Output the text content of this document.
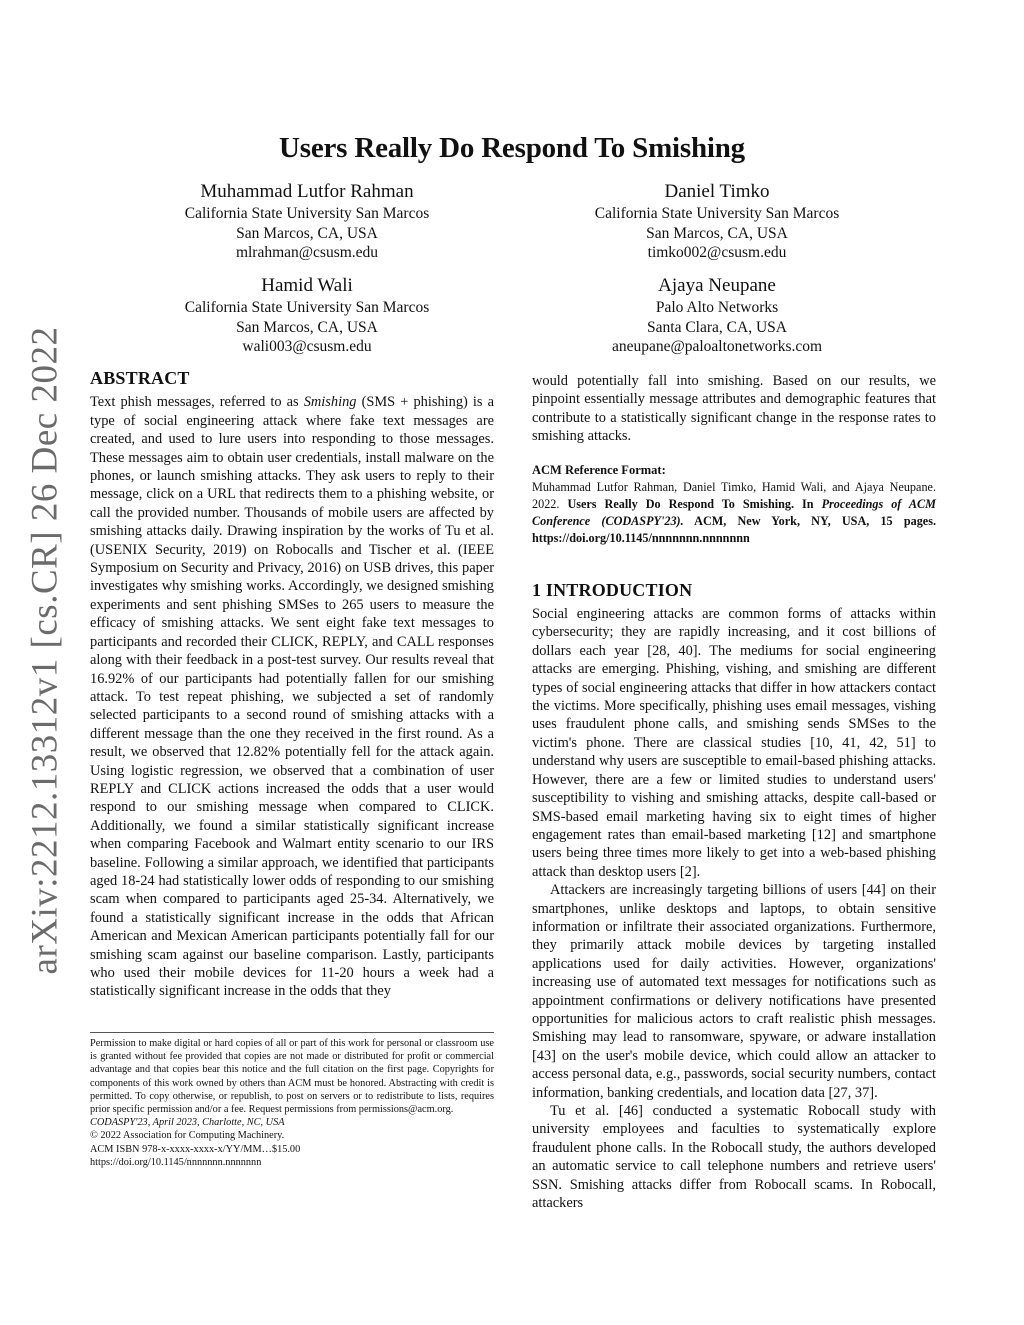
arXiv:2212.13312v1 [cs.CR] 26 Dec 2022
Users Really Do Respond To Smishing
Muhammad Lutfor Rahman
California State University San Marcos
San Marcos, CA, USA
mlrahman@csusm.edu
Daniel Timko
California State University San Marcos
San Marcos, CA, USA
timko002@csusm.edu
Hamid Wali
California State University San Marcos
San Marcos, CA, USA
wali003@csusm.edu
Ajaya Neupane
Palo Alto Networks
Santa Clara, CA, USA
aneupane@paloaltonetworks.com
ABSTRACT

Text phish messages, referred to as Smishing (SMS + phishing) is a type of social engineering attack where fake text messages are created, and used to lure users into responding to those messages. These messages aim to obtain user credentials, install malware on the phones, or launch smishing attacks. They ask users to reply to their message, click on a URL that redirects them to a phishing website, or call the provided number. Thousands of mobile users are affected by smishing attacks daily. Drawing inspiration by the works of Tu et al. (USENIX Security, 2019) on Robocalls and Tischer et al. (IEEE Symposium on Security and Privacy, 2016) on USB drives, this paper investigates why smishing works. Accordingly, we designed smishing experiments and sent phishing SMSes to 265 users to measure the efficacy of smishing attacks. We sent eight fake text messages to participants and recorded their CLICK, REPLY, and CALL responses along with their feedback in a post-test survey. Our results reveal that 16.92% of our participants had potentially fallen for our smishing attack. To test repeat phishing, we subjected a set of randomly selected participants to a second round of smishing attacks with a different message than the one they received in the first round. As a result, we observed that 12.82% potentially fell for the attack again. Using logistic regression, we observed that a combination of user REPLY and CLICK actions increased the odds that a user would respond to our smishing message when compared to CLICK. Additionally, we found a similar statistically significant increase when comparing Facebook and Walmart entity scenario to our IRS baseline. Following a similar approach, we identified that participants aged 18-24 had statistically lower odds of responding to our smishing scam when compared to participants aged 25-34. Alternatively, we found a statistically significant increase in the odds that African American and Mexican American participants potentially fall for our smishing scam against our baseline comparison. Lastly, participants who used their mobile devices for 11-20 hours a week had a statistically significant increase in the odds that they

Permission to make digital or hard copies of all or part of this work for personal or classroom use is granted without fee provided that copies are not made or distributed for profit or commercial advantage and that copies bear this notice and the full citation on the first page. Copyrights for components of this work owned by others than ACM must be honored. Abstracting with credit is permitted. To copy otherwise, or republish, to post on servers or to redistribute to lists, requires prior specific permission and/or a fee. Request permissions from permissions@acm.org.

CODASPY'23, April 2023, Charlotte, NC, USA

© 2022 Association for Computing Machinery.

ACM ISBN 978-x-xxxx-xxxx-x/YY/MM…$15.00

https://doi.org/10.1145/nnnnnnn.nnnnnnn

would potentially fall into smishing. Based on our results, we pinpoint essentially message attributes and demographic features that contribute to a statistically significant change in the response rates to smishing attacks.

ACM Reference Format:
Muhammad Lutfor Rahman, Daniel Timko, Hamid Wali, and Ajaya Neupane. 2022. Users Really Do Respond To Smishing. In Proceedings of ACM Conference (CODASPY'23). ACM, New York, NY, USA, 15 pages. https://doi.org/10.1145/nnnnnnn.nnnnnnn
1 INTRODUCTION

Social engineering attacks are common forms of attacks within cybersecurity; they are rapidly increasing, and it cost billions of dollars each year [28, 40]. The mediums for social engineering attacks are emerging. Phishing, vishing, and smishing are different types of social engineering attacks that differ in how attackers contact the victims. More specifically, phishing uses email messages, vishing uses fraudulent phone calls, and smishing sends SMSes to the victim's phone. There are classical studies [10, 41, 42, 51] to understand why users are susceptible to email-based phishing attacks. However, there are a few or limited studies to understand users' susceptibility to vishing and smishing attacks, despite call-based or SMS-based email marketing having six to eight times of higher engagement rates than email-based marketing [12] and smartphone users being three times more likely to get into a web-based phishing attack than desktop users [2].

Attackers are increasingly targeting billions of users [44] on their smartphones, unlike desktops and laptops, to obtain sensitive information or infiltrate their associated organizations. Furthermore, they primarily attack mobile devices by targeting installed applications used for daily activities. However, organizations' increasing use of automated text messages for notifications such as appointment confirmations or delivery notifications have presented opportunities for malicious actors to craft realistic phish messages. Smishing may lead to ransomware, spyware, or adware installation [43] on the user's mobile device, which could allow an attacker to access personal data, e.g., passwords, social security numbers, contact information, banking credentials, and location data [27, 37].

Tu et al. [46] conducted a systematic Robocall study with university employees and faculties to systematically explore fraudulent phone calls. In the Robocall study, the authors developed an automatic service to call telephone numbers and retrieve users' SSN. Smishing attacks differ from Robocall scams. In Robocall, attackers
